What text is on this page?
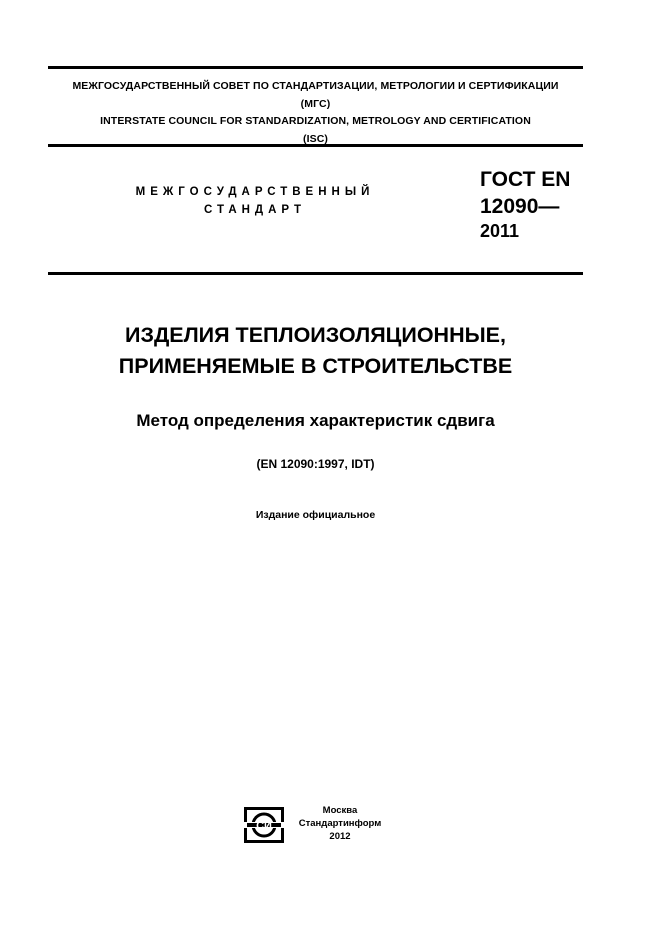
МЕЖГОСУДАРСТВЕННЫЙ СОВЕТ ПО СТАНДАРТИЗАЦИИ, МЕТРОЛОГИИ И СЕРТИФИКАЦИИ
(МГС)
INTERSTATE COUNCIL FOR STANDARDIZATION, METROLOGY AND CERTIFICATION
(ISC)
МЕЖГОСУДАРСТВЕННЫЙ
СТАНДАРТ
ГОСТ EN
12090—
2011
ИЗДЕЛИЯ ТЕПЛОИЗОЛЯЦИОННЫЕ,
ПРИМЕНЯЕМЫЕ В СТРОИТЕЛЬСТВЕ
Метод определения характеристик сдвига
(EN 12090:1997, IDT)
Издание официальное
СИ
Москва
Стандартинформ
2012
